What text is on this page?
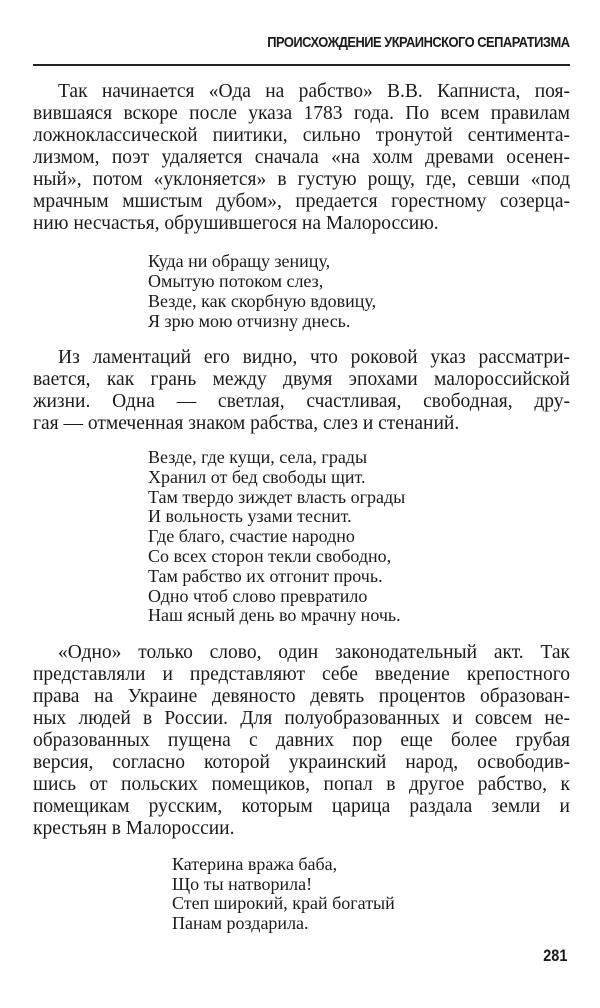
ПРОИСХОЖДЕНИЕ УКРАИНСКОГО СЕПАРАТИЗМА
Так начинается «Ода на рабство» В.В. Капниста, поя-
вившаяся вскоре после указа 1783 года. По всем правилам
ложноклассической пиитики, сильно тронутой сентимента-
лизмом, поэт удаляется сначала «на холм древами осенен-
ный», потом «уклоняется» в густую рощу, где, севши «под
мрачным мшистым дубом», предается горестному созерца-
нию несчастья, обрушившегося на Малороссию.
Куда ни обращу зеницу,
Омытую потоком слез,
Везде, как скорбную вдовицу,
Я зрю мою отчизну днесь.
Из ламентаций его видно, что роковой указ рассматри-
вается, как грань между двумя эпохами малороссийской
жизни. Одна — светлая, счастливая, свободная, дру-
гая — отмеченная знаком рабства, слез и стенаний.
Везде, где кущи, села, грады
Хранил от бед свободы щит.
Там твердо зиждет власть ограды
И вольность узами теснит.
Где благо, счастие народно
Со всех сторон текли свободно,
Там рабство их отгонит прочь.
Одно чтоб слово превратило
Наш ясный день во мрачну ночь.
«Одно» только слово, один законодательный акт. Так
представляли и представляют себе введение крепостного
права на Украине девяносто девять процентов образован-
ных людей в России. Для полуобразованных и совсем не-
образованных пущена с давних пор еще более грубая
версия, согласно которой украинский народ, освободив-
шись от польских помещиков, попал в другое рабство, к
помещикам русским, которым царица раздала земли и
крестьян в Малороссии.
Катерина вража баба,
Що ты натворила!
Степ широкий, край богатый
Панам роздарила.
281
